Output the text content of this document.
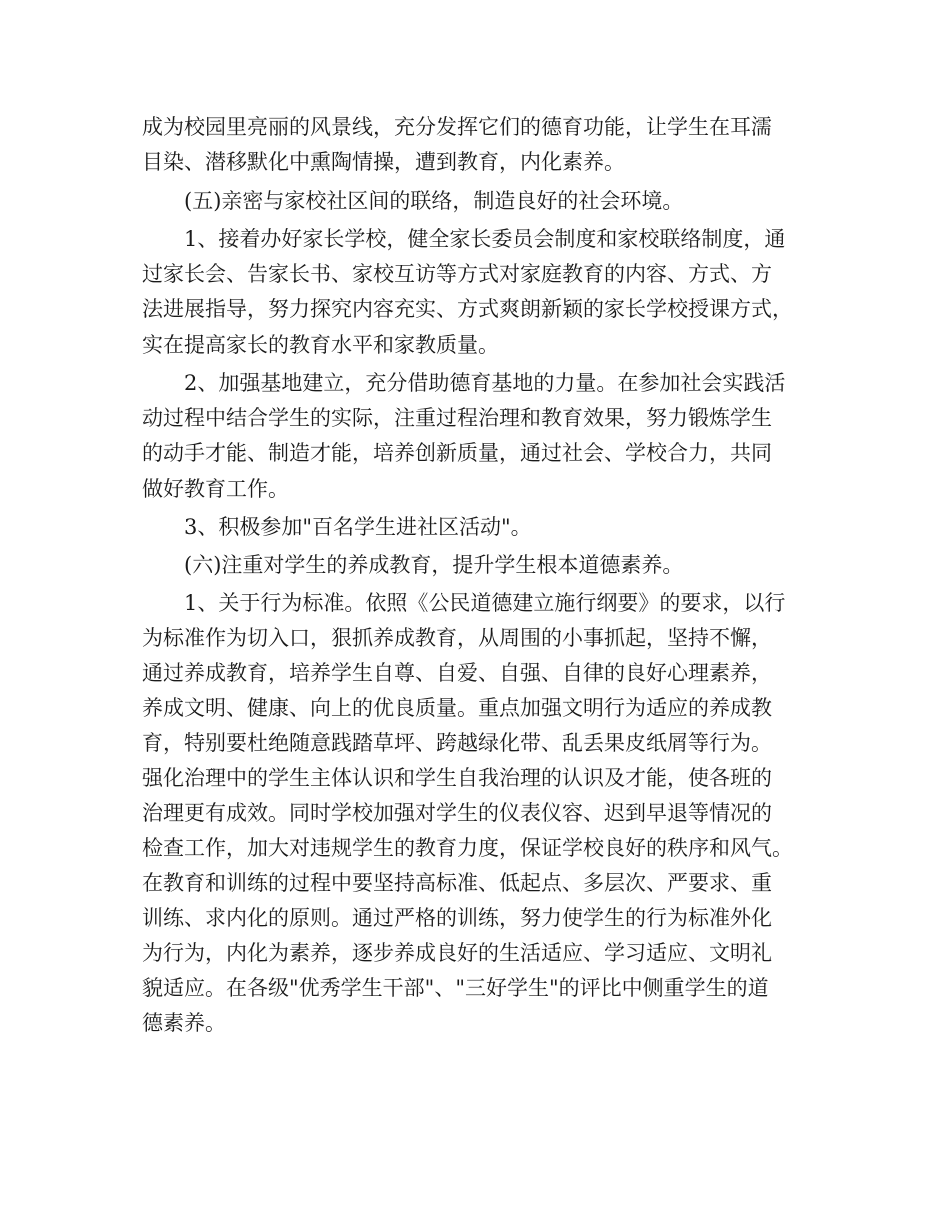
成为校园里亮丽的风景线，充分发挥它们的德育功能，让学生在耳濡
目染、潜移默化中熏陶情操，遭到教育，内化素养。
(五)亲密与家校社区间的联络，制造良好的社会环境。
1、接着办好家长学校，健全家长委员会制度和家校联络制度，通
过家长会、告家长书、家校互访等方式对家庭教育的内容、方式、方
法进展指导，努力探究内容充实、方式爽朗新颖的家长学校授课方式，
实在提高家长的教育水平和家教质量。
2、加强基地建立，充分借助德育基地的力量。在参加社会实践活
动过程中结合学生的实际，注重过程治理和教育效果，努力锻炼学生
的动手才能、制造才能，培养创新质量，通过社会、学校合力，共同
做好教育工作。
3、积极参加"百名学生进社区活动"。
(六)注重对学生的养成教育，提升学生根本道德素养。
1、关于行为标准。依照《公民道德建立施行纲要》的要求，以行
为标准作为切入口，狠抓养成教育，从周围的小事抓起，坚持不懈，
通过养成教育，培养学生自尊、自爱、自强、自律的良好心理素养，
养成文明、健康、向上的优良质量。重点加强文明行为适应的养成教
育，特别要杜绝随意践踏草坪、跨越绿化带、乱丢果皮纸屑等行为。
强化治理中的学生主体认识和学生自我治理的认识及才能，使各班的
治理更有成效。同时学校加强对学生的仪表仪容、迟到早退等情况的
检查工作，加大对违规学生的教育力度，保证学校良好的秩序和风气。
在教育和训练的过程中要坚持高标准、低起点、多层次、严要求、重
训练、求内化的原则。通过严格的训练，努力使学生的行为标准外化
为行为，内化为素养，逐步养成良好的生活适应、学习适应、文明礼
貌适应。在各级"优秀学生干部"、"三好学生"的评比中侧重学生的道
德素养。
